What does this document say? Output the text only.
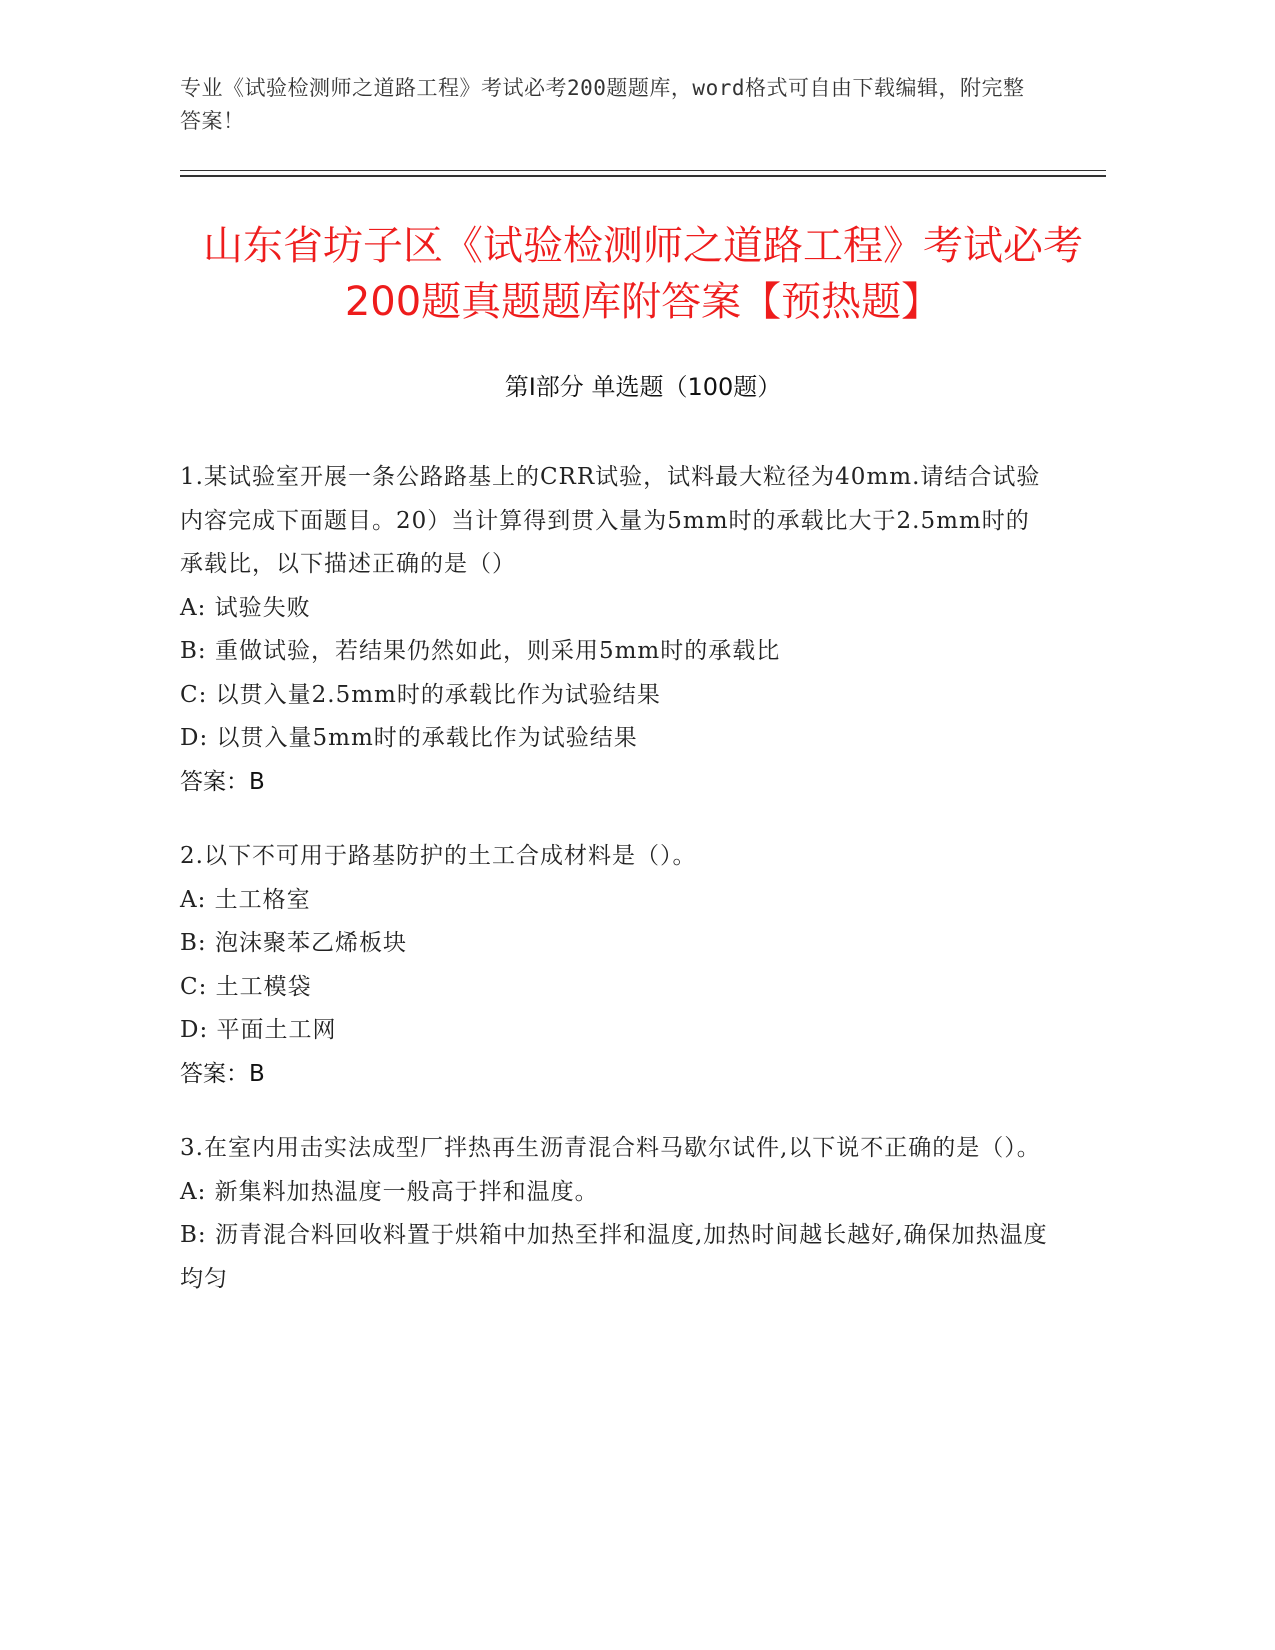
专业《试验检测师之道路工程》考试必考200题题库，word格式可自由下载编辑，附完整答案！
山东省坊子区《试验检测师之道路工程》考试必考200题真题题库附答案【预热题】
第I部分 单选题（100题）

1.某试验室开展一条公路路基上的CRR试验，试料最大粒径为40mm.请结合试验内容完成下面题目。20）当计算得到贯入量为5mm时的承载比大于2.5mm时的承载比，以下描述正确的是（）

A: 试验失败

B: 重做试验，若结果仍然如此，则采用5mm时的承载比

C: 以贯入量2.5mm时的承载比作为试验结果

D: 以贯入量5mm时的承载比作为试验结果

答案：B

2.以下不可用于路基防护的土工合成材料是（）。

A: 土工格室

B: 泡沫聚苯乙烯板块

C: 土工模袋

D: 平面土工网

答案：B

3.在室内用击实法成型厂拌热再生沥青混合料马歇尔试件,以下说不正确的是（）。

A: 新集料加热温度一般高于拌和温度。

B: 沥青混合料回收料置于烘箱中加热至拌和温度,加热时间越长越好,确保加热温度均匀
